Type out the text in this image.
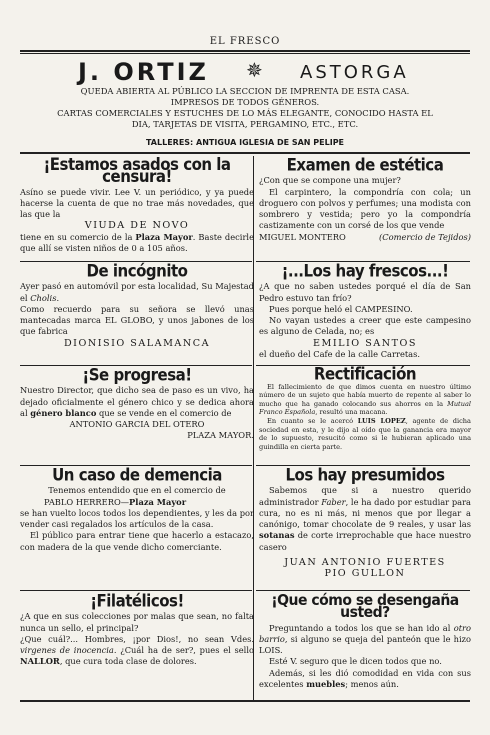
EL FRESCO
J. ORTIZ ✵ ASTORGA
QUEDA ABIERTA AL PÚBLICO LA SECCION DE IMPRENTA DE ESTA CASA.
IMPRESOS DE TODOS GÉNEROS.
CARTAS COMERCIALES Y ESTUCHES DE LO MÁS ELEGANTE, CONOCIDO HASTA EL
DIA, TARJETAS DE VISITA, PERGAMINO, ETC., ETC.
TALLERES: ANTIGUA IGLESIA DE SAN PELIPE
¡Estamos asados con la censura!

Asíno se puede vivir. Lee V. un periódico, y ya puede hacerse la cuenta de que no trae más novedades, que las que la

VIUDA DE NOVO

tiene en su comercio de la Plaza Mayor. Baste decirle que allí se visten niños de 0 a 105 años.

De incógnito

Ayer pasó en automóvil por esta localidad, Su Majestad el Cholis.

Como recuerdo para su señora se llevó unas mantecadas marca EL GLOBO, y unos jabones de los que fabrica

DIONISIO SALAMANCA

¡Se progresa!

Nuestro Director, que dicho sea de paso es un vivo, ha dejado oficialmente el género chico y se dedica ahora al género blanco que se vende en el comercio de

ANTONIO GARCIA DEL OTERO

PLAZA MAYOR.

Un caso de demencia

Tenemos entendido que en el comercio de

PABLO HERRERO—Plaza Mayor

se han vuelto locos todos los dependientes, y les da por vender casi regalados los artículos de la casa.

El público para entrar tiene que hacerlo a estacazo, con madera de la que vende dicho comerciante.

¡Filatélicos!

¿A que en sus colecciones por malas que sean, no falta nunca un sello, el principal?

¿Que cuál?... Hombres, ¡por Dios!, no sean Vdes. virgenes de inocencia. ¿Cuál ha de ser?, pues el sello NALLOR, que cura toda clase de dolores.

Examen de estética

¿Con que se compone una mujer?

El carpintero, la compondría con cola; un droguero con polvos y perfumes; una modista con sombrero y vestida; pero yo la compondría castizamente con un corsé de los que vende

MIGUEL MONTERO	(Comercio de Tejidos)
¡...Los hay frescos...!

¿A que no saben ustedes porqué el día de San Pedro estuvo tan frío?

Pues porque heló el CAMPESINO.

No vayan ustedes a creer que este campesino es alguno de Celada, no; es

EMILIO SANTOS

el dueño del Cafe de la calle Carretas.

Rectificación

El fallecimiento de que dimos cuenta en nuestro último número de un sujeto que había muerto de repente al saber lo mucho que ha ganado colocando sus ahorros en la Mutual Franco Española, resultó una macana.

En cuanto se le acercó LUIS LOPEZ, agente de dicha sociedad en esta, y le dijo al oído que la ganancia era mayor de lo supuesto, resucitó como si le hubieran aplicado una guindilla en cierta parte.

Los hay presumidos

Sabemos que si a nuestro querido administrador Faber, le ha dado por estudiar para cura, no es ni más, ni menos que por llegar a canónigo, tomar chocolate de 9 reales, y usar las sotanas de corte irreprochable que hace nuestro casero

JUAN ANTONIO FUERTES

PIO GULLON

¡Que cómo se desengaña usted?

Preguntando a todos los que se han ido al otro barrio, si alguno se queja del panteón que le hizo LOIS.

Esté V. seguro que le dicen todos que no.

Además, si les dió comodidad en vida con sus excelentes muebles; menos aún.
